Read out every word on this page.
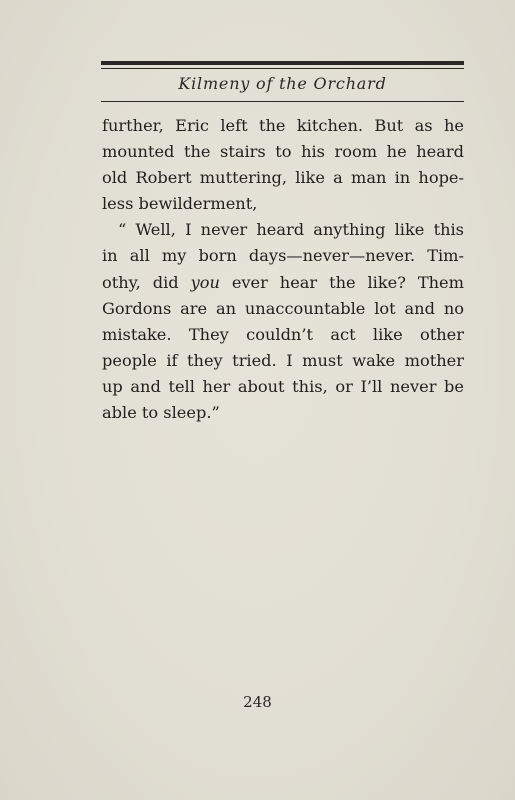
Kilmeny of the Orchard
further, Eric left the kitchen. But as he
mounted the stairs to his room he heard
old Robert muttering, like a man in hope-
less bewilderment,
“ Well, I never heard anything like this
in all my born days—never—never. Tim-
othy, did you ever hear the like? Them
Gordons are an unaccountable lot and no
mistake. They couldn’t act like other
people if they tried. I must wake mother
up and tell her about this, or I’ll never be
able to sleep.”
248
